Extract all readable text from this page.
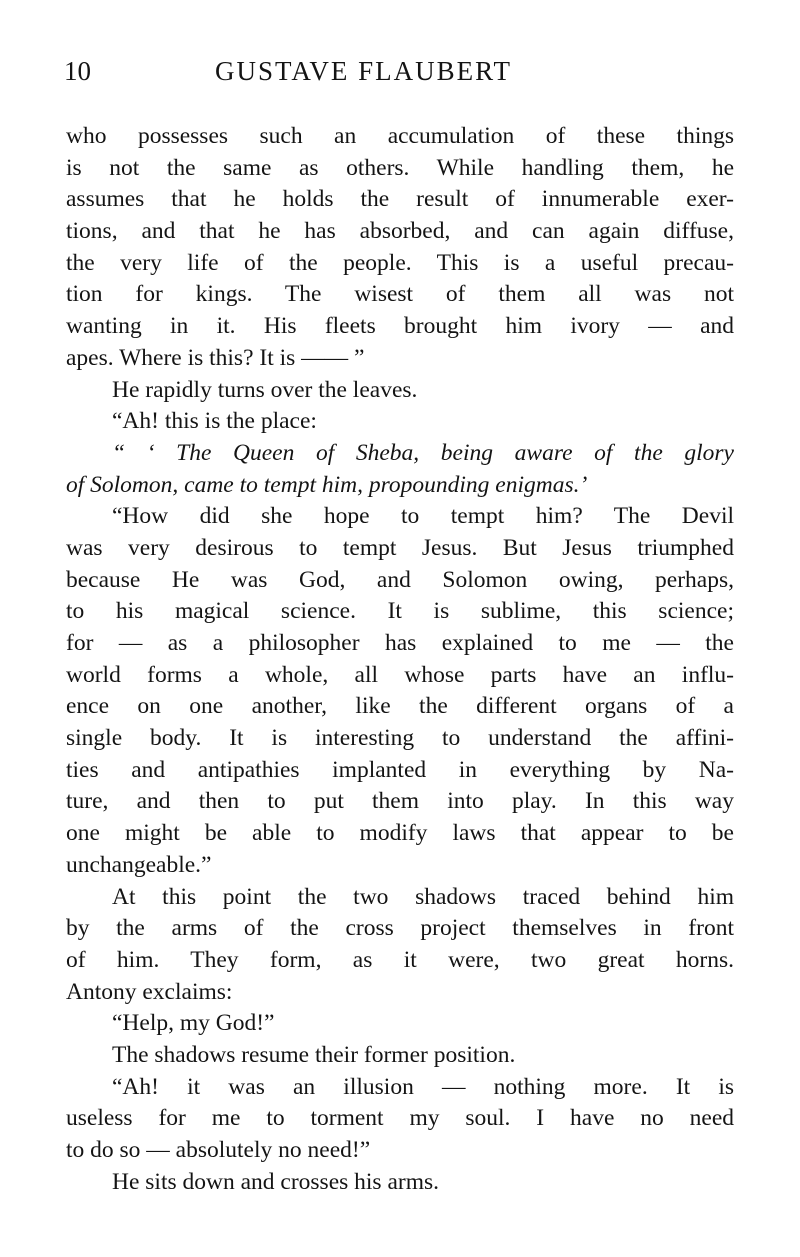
10	GUSTAVE FLAUBERT
who possesses such an accumulation of these things
is not the same as others. While handling them, he
assumes that he holds the result of innumerable exer-
tions, and that he has absorbed, and can again diffuse,
the very life of the people. This is a useful precau-
tion for kings. The wisest of them all was not
wanting in it. His fleets brought him ivory — and
apes. Where is this? It is —— ”
He rapidly turns over the leaves.
“Ah! this is the place:
“ ‘ The Queen of Sheba, being aware of the glory
of Solomon, came to tempt him, propounding enigmas.’
“How did she hope to tempt him? The Devil
was very desirous to tempt Jesus. But Jesus triumphed
because He was God, and Solomon owing, perhaps,
to his magical science. It is sublime, this science;
for — as a philosopher has explained to me — the
world forms a whole, all whose parts have an influ-
ence on one another, like the different organs of a
single body. It is interesting to understand the affini-
ties and antipathies implanted in everything by Na-
ture, and then to put them into play. In this way
one might be able to modify laws that appear to be
unchangeable.”
At this point the two shadows traced behind him
by the arms of the cross project themselves in front
of him. They form, as it were, two great horns.
Antony exclaims:
“Help, my God!”
The shadows resume their former position.
“Ah! it was an illusion — nothing more. It is
useless for me to torment my soul. I have no need
to do so — absolutely no need!”
He sits down and crosses his arms.
